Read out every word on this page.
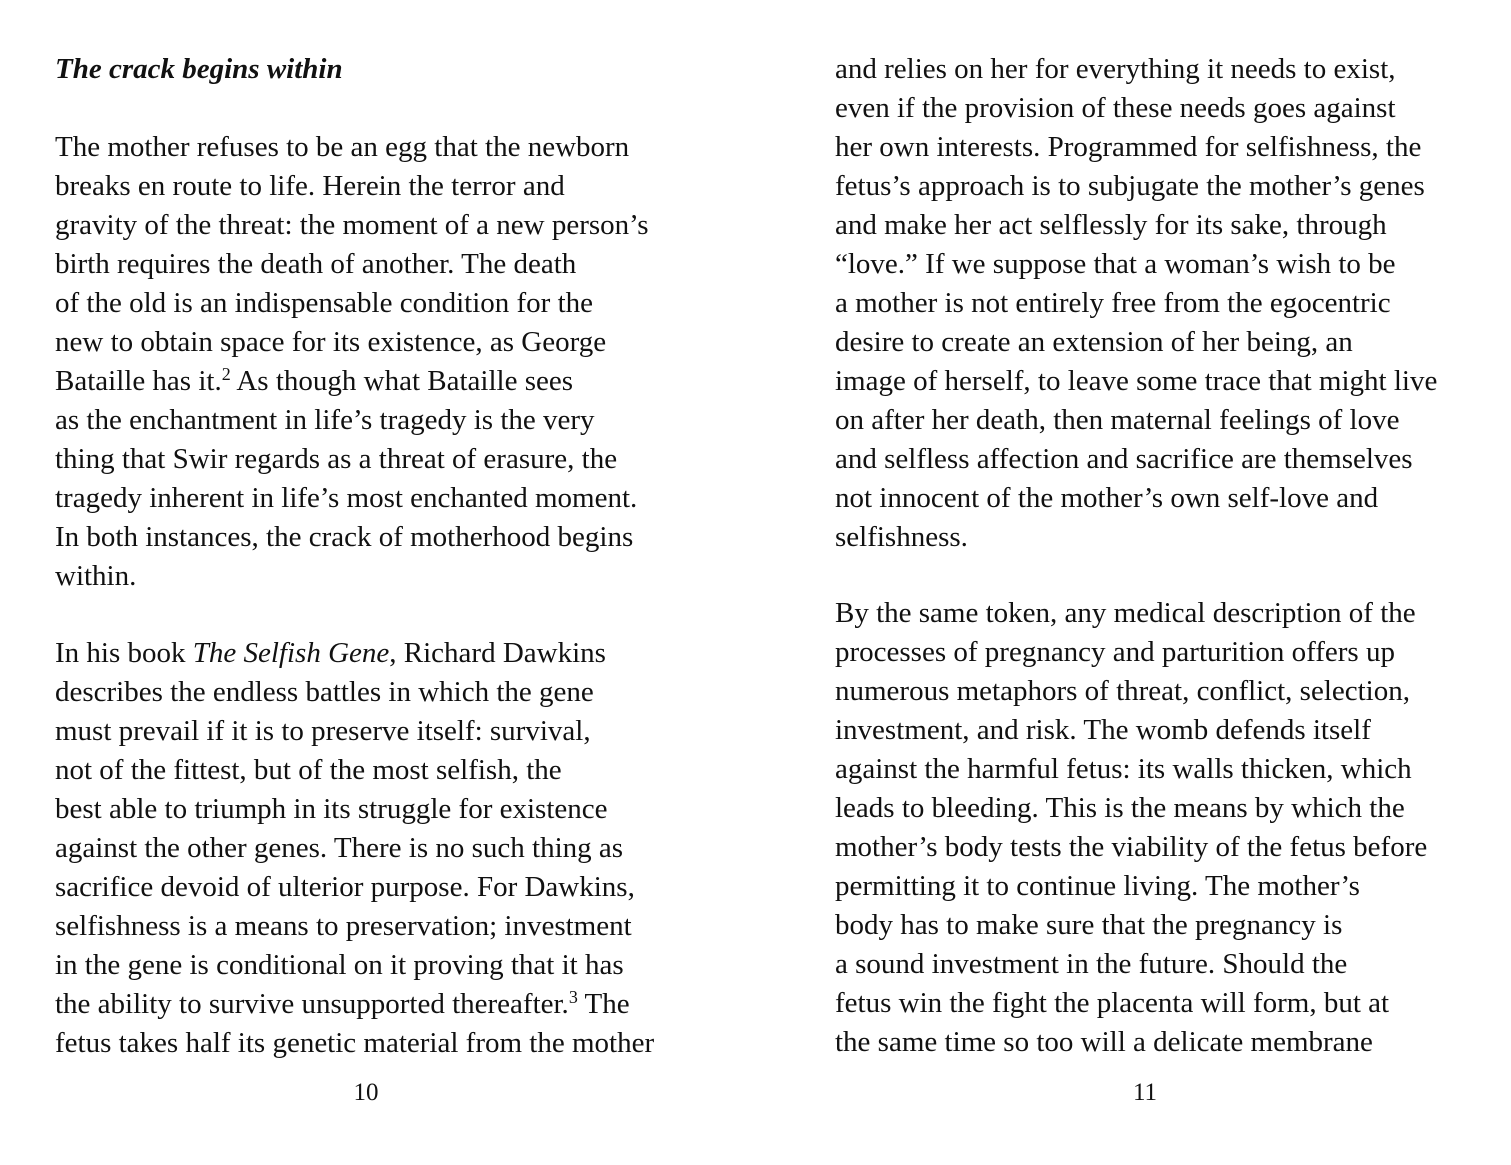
The crack begins within

The mother refuses to be an egg that the newborn
breaks en route to life. Herein the terror and
gravity of the threat: the moment of a new person’s
birth requires the death of another. The death
of the old is an indispensable condition for the
new to obtain space for its existence, as George
Bataille has it.$^2$ As though what Bataille sees
as the enchantment in life’s tragedy is the very
thing that Swir regards as a threat of erasure, the
tragedy inherent in life’s most enchanted moment.
In both instances, the crack of motherhood begins
within.

In his book The Selfish Gene, Richard Dawkins
describes the endless battles in which the gene
must prevail if it is to preserve itself: survival,
not of the fittest, but of the most selfish, the
best able to triumph in its struggle for existence
against the other genes. There is no such thing as
sacrifice devoid of ulterior purpose. For Dawkins,
selfishness is a means to preservation; investment
in the gene is conditional on it proving that it has
the ability to survive unsupported thereafter.$^3$ The
fetus takes half its genetic material from the mother

10

and relies on her for everything it needs to exist,
even if the provision of these needs goes against
her own interests. Programmed for selfishness, the
fetus’s approach is to subjugate the mother’s genes
and make her act selflessly for its sake, through
“love.” If we suppose that a woman’s wish to be
a mother is not entirely free from the egocentric
desire to create an extension of her being, an
image of herself, to leave some trace that might live
on after her death, then maternal feelings of love
and selfless affection and sacrifice are themselves
not innocent of the mother’s own self-love and
selfishness.

By the same token, any medical description of the
processes of pregnancy and parturition offers up
numerous metaphors of threat, conflict, selection,
investment, and risk. The womb defends itself
against the harmful fetus: its walls thicken, which
leads to bleeding. This is the means by which the
mother’s body tests the viability of the fetus before
permitting it to continue living. The mother’s
body has to make sure that the pregnancy is
a sound investment in the future. Should the
fetus win the fight the placenta will form, but at
the same time so too will a delicate membrane

11
